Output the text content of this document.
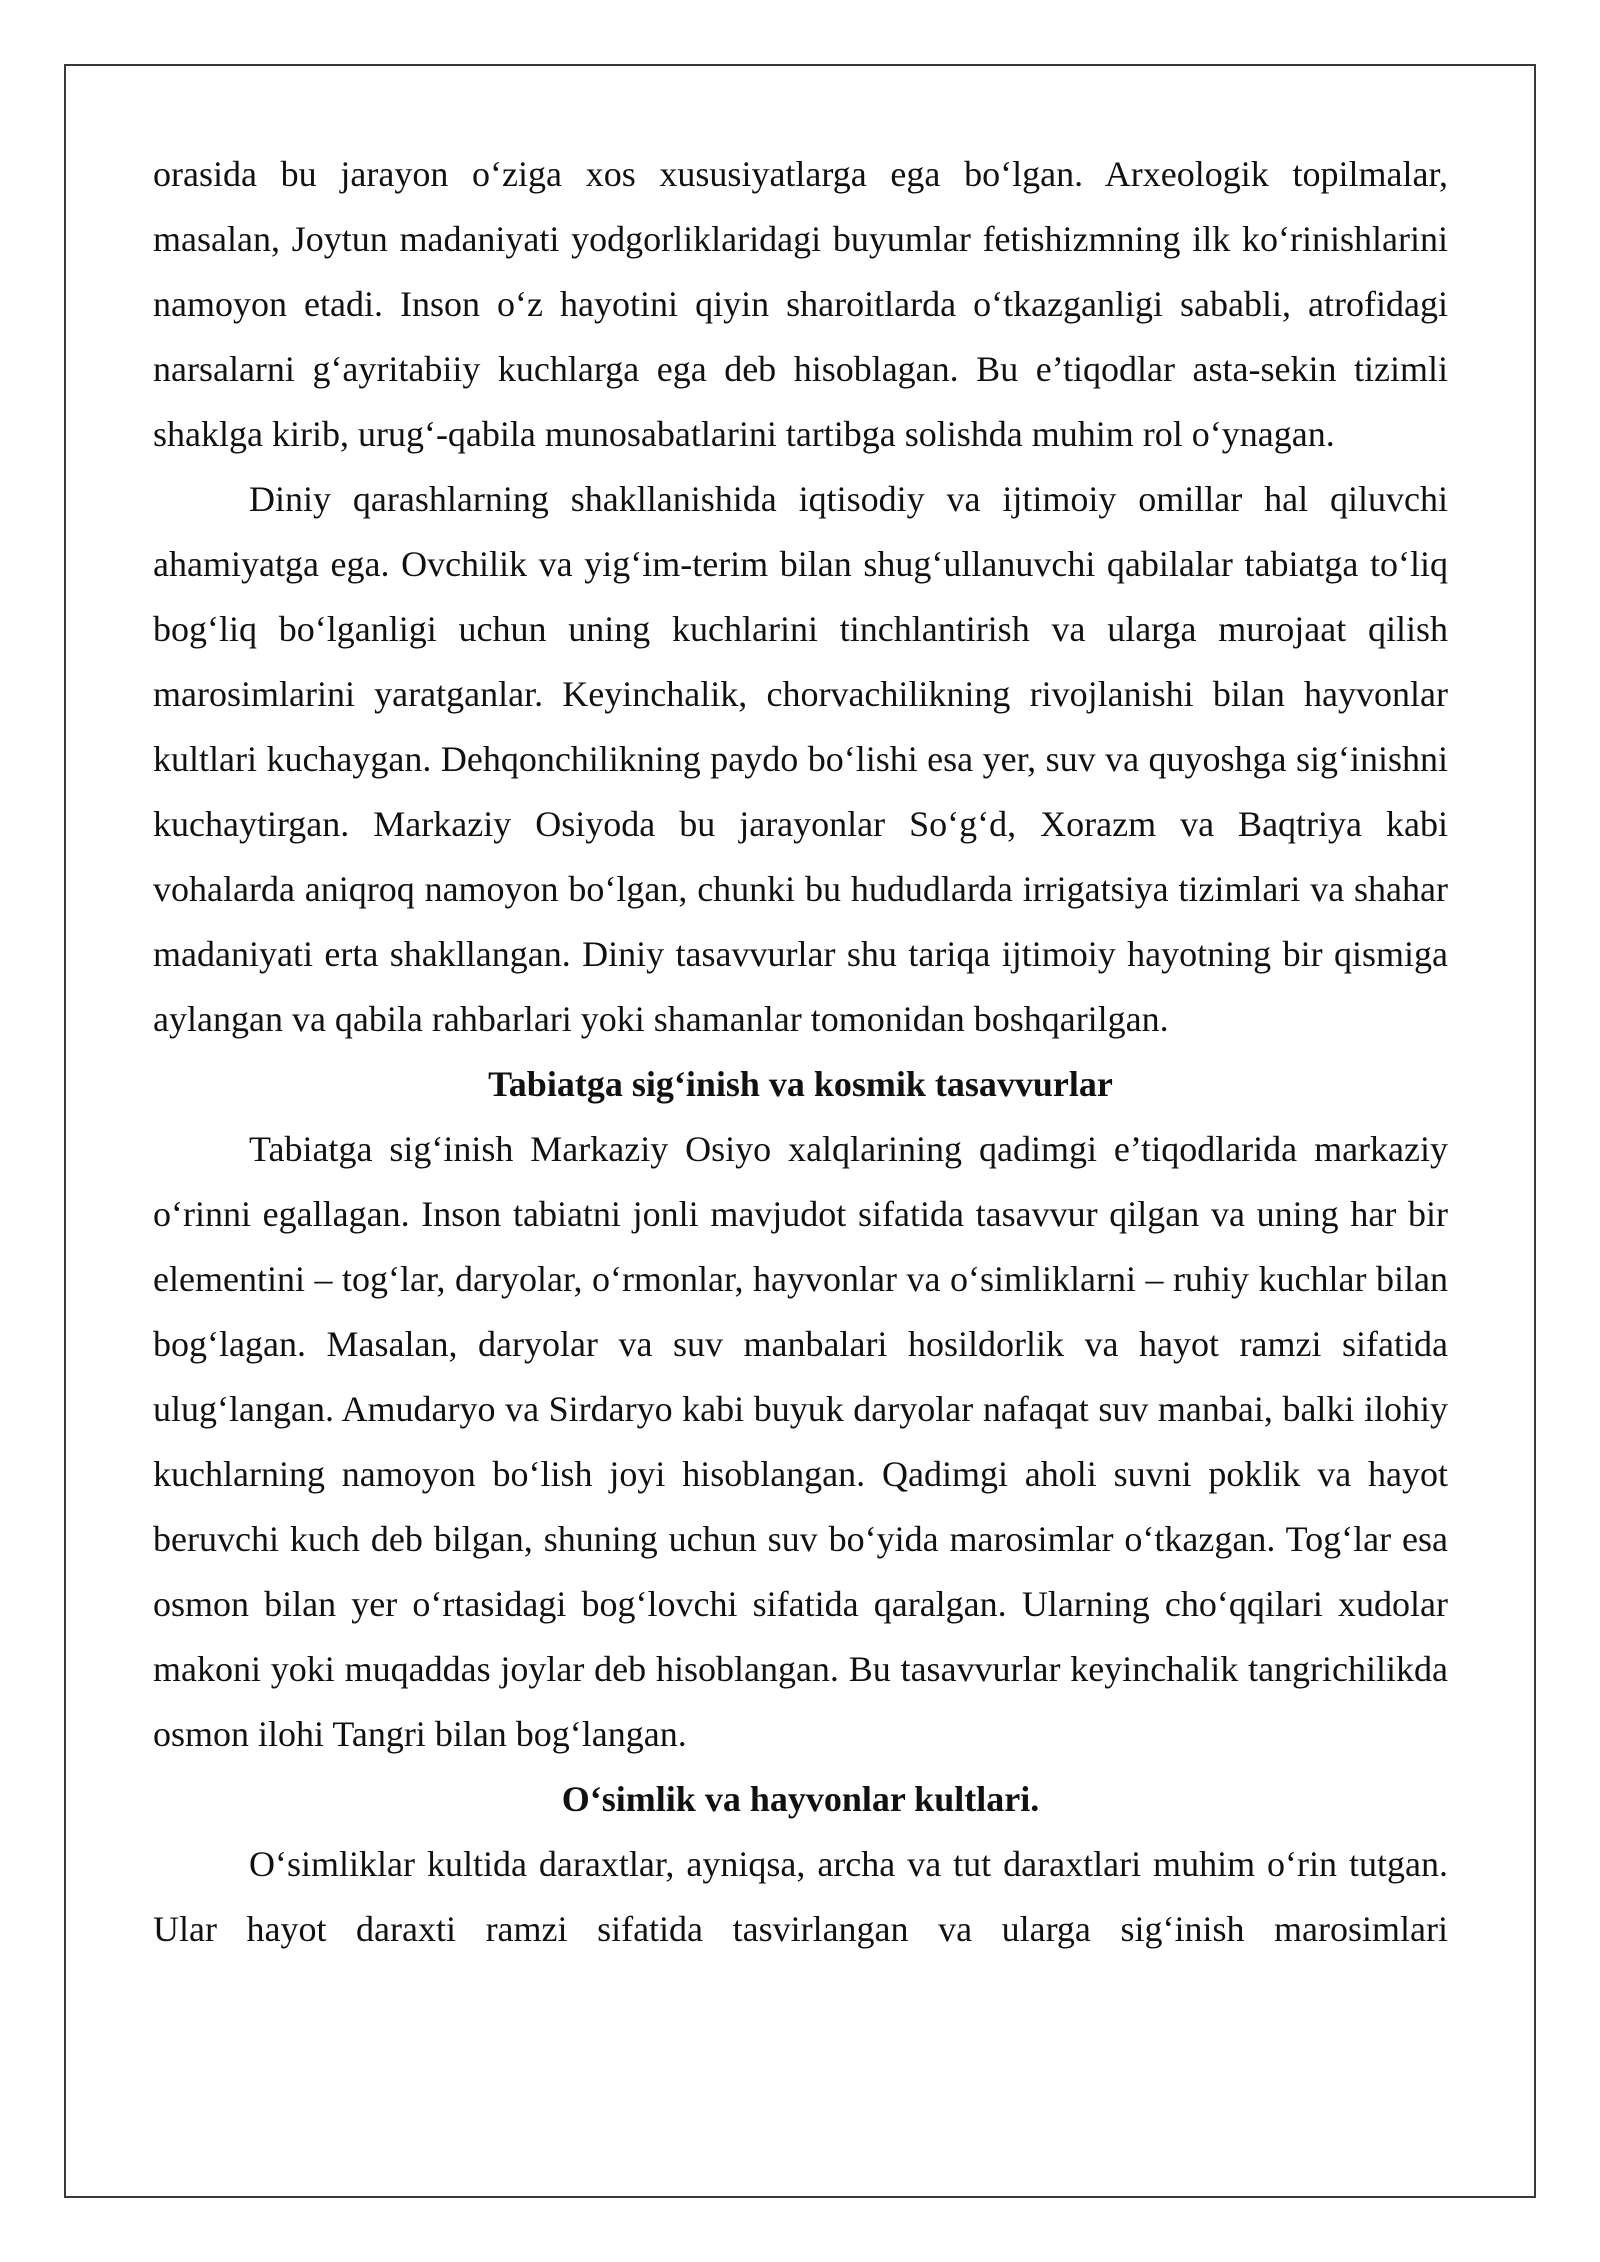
orasida bu jarayon o‘ziga xos xususiyatlarga ega bo‘lgan. Arxeologik topilmalar, masalan, Joytun madaniyati yodgorliklaridagi buyumlar fetishizmning ilk ko‘rinishlarini namoyon etadi. Inson o‘z hayotini qiyin sharoitlarda o‘tkazganligi sababli, atrofidagi narsalarni g‘ayritabiiy kuchlarga ega deb hisoblagan. Bu e’tiqodlar asta-sekin tizimli shaklga kirib, urug‘-qabila munosabatlarini tartibga solishda muhim rol o‘ynagan.

Diniy qarashlarning shakllanishida iqtisodiy va ijtimoiy omillar hal qiluvchi ahamiyatga ega. Ovchilik va yig‘im-terim bilan shug‘ullanuvchi qabilalar tabiatga to‘liq bog‘liq bo‘lganligi uchun uning kuchlarini tinchlantirish va ularga murojaat qilish marosimlarini yaratganlar. Keyinchalik, chorvachilikning rivojlanishi bilan hayvonlar kultlari kuchaygan. Dehqonchilikning paydo bo‘lishi esa yer, suv va quyoshga sig‘inishni kuchaytirgan. Markaziy Osiyoda bu jarayonlar So‘g‘d, Xorazm va Baqtriya kabi vohalarda aniqroq namoyon bo‘lgan, chunki bu hududlarda irrigatsiya tizimlari va shahar madaniyati erta shakllangan. Diniy tasavvurlar shu tariqa ijtimoiy hayotning bir qismiga aylangan va qabila rahbarlari yoki shamanlar tomonidan boshqarilgan.

Tabiatga sig‘inish va kosmik tasavvurlar

Tabiatga sig‘inish Markaziy Osiyo xalqlarining qadimgi e’tiqodlarida markaziy o‘rinni egallagan. Inson tabiatni jonli mavjudot sifatida tasavvur qilgan va uning har bir elementini – tog‘lar, daryolar, o‘rmonlar, hayvonlar va o‘simliklarni – ruhiy kuchlar bilan bog‘lagan. Masalan, daryolar va suv manbalari hosildorlik va hayot ramzi sifatida ulug‘langan. Amudaryo va Sirdaryo kabi buyuk daryolar nafaqat suv manbai, balki ilohiy kuchlarning namoyon bo‘lish joyi hisoblangan. Qadimgi aholi suvni poklik va hayot beruvchi kuch deb bilgan, shuning uchun suv bo‘yida marosimlar o‘tkazgan. Tog‘lar esa osmon bilan yer o‘rtasidagi bog‘lovchi sifatida qaralgan. Ularning cho‘qqilari xudolar makoni yoki muqaddas joylar deb hisoblangan. Bu tasavvurlar keyinchalik tangrichilikda osmon ilohi Tangri bilan bog‘langan.

O‘simlik va hayvonlar kultlari.

O‘simliklar kultida daraxtlar, ayniqsa, archa va tut daraxtlari muhim o‘rin tutgan. Ular hayot daraxti ramzi sifatida tasvirlangan va ularga sig‘inish marosimlari
